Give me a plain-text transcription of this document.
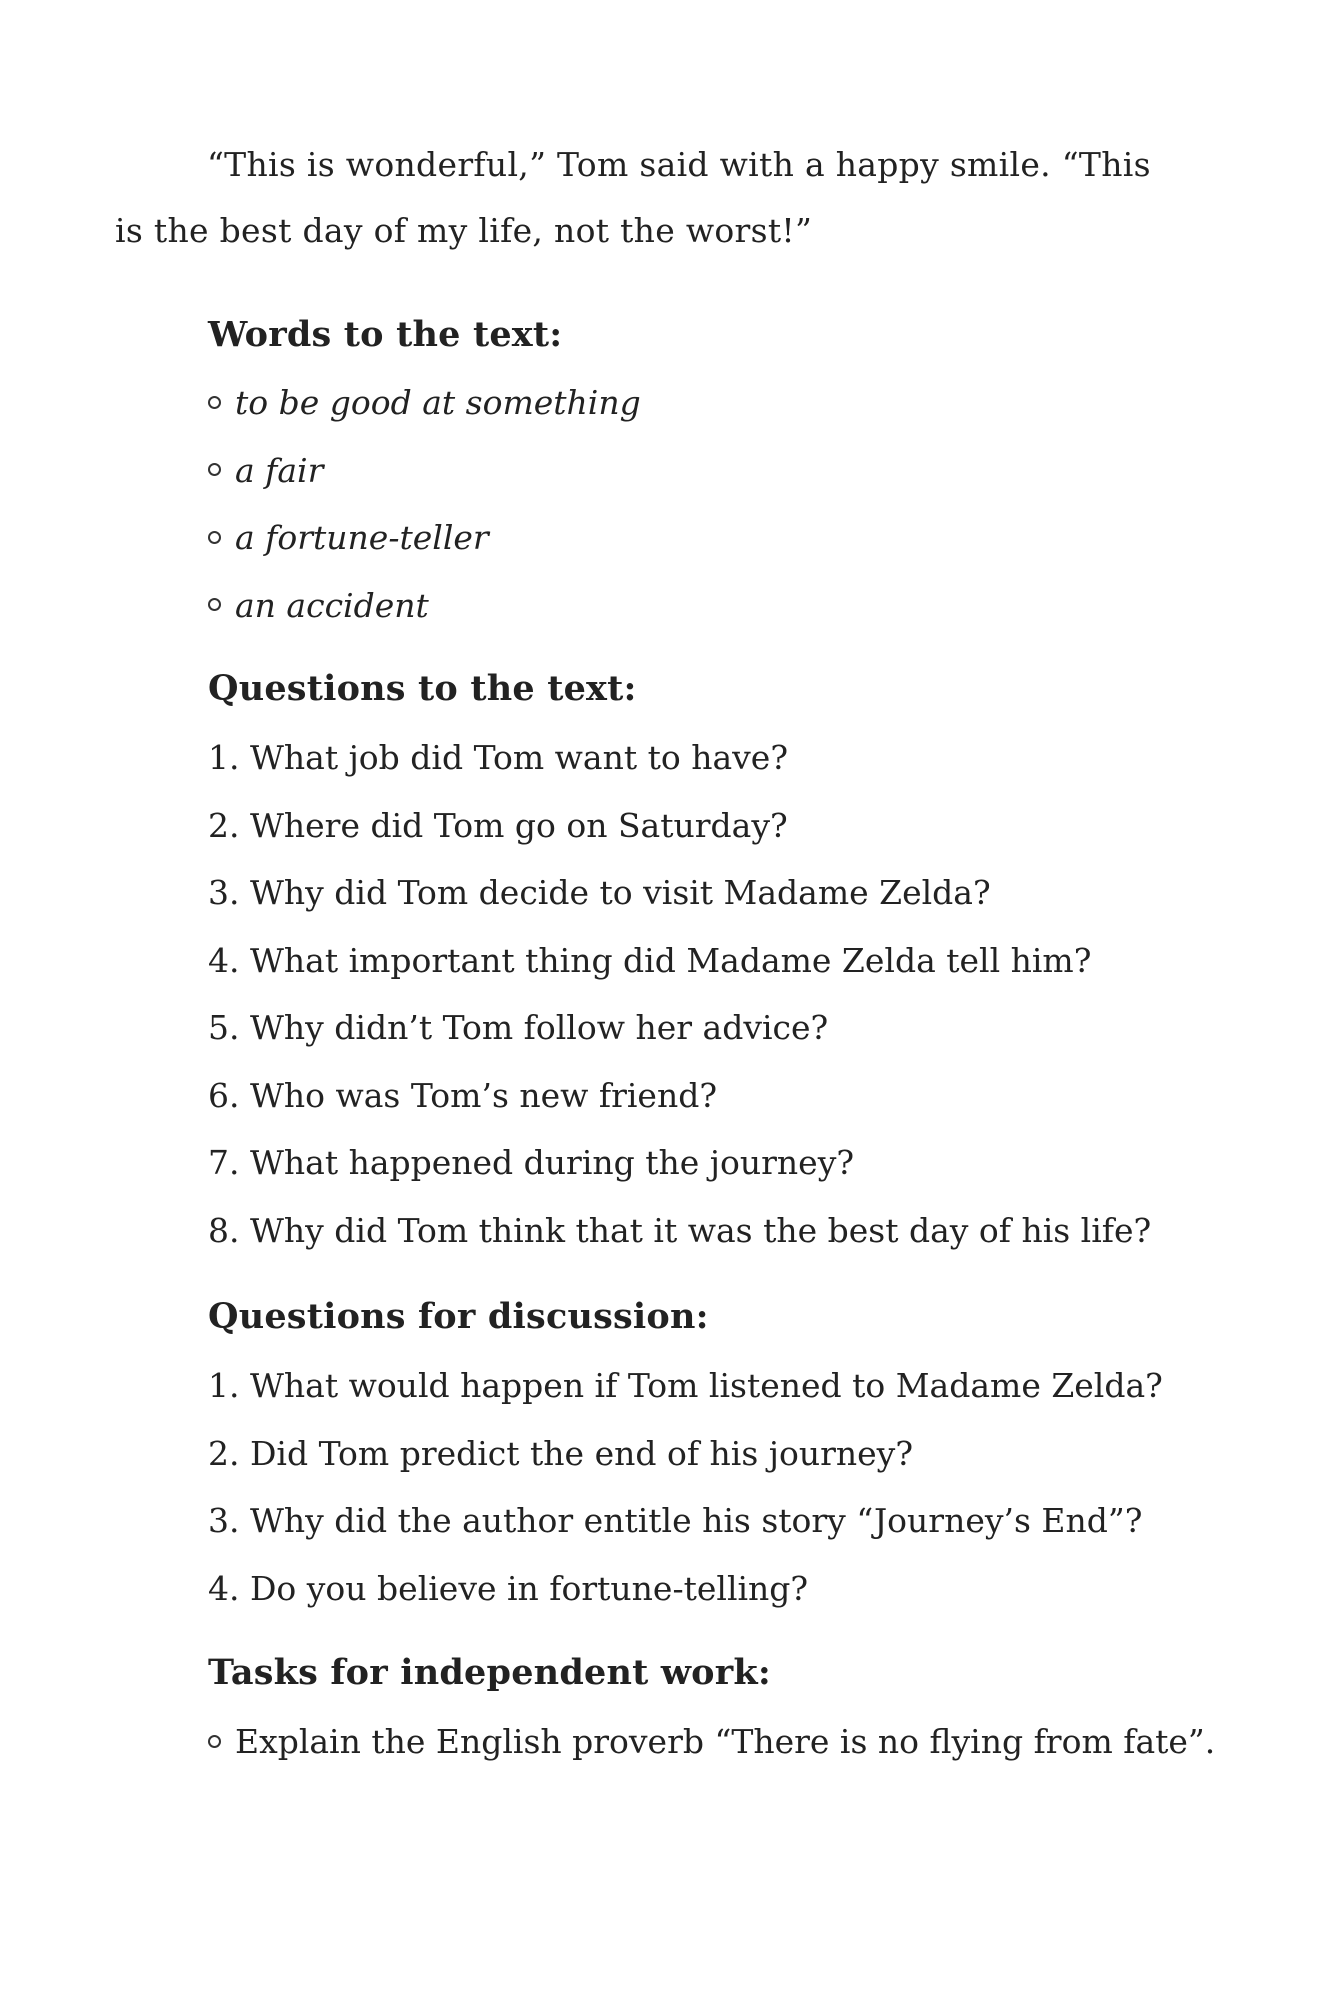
“This is wonderful,” Tom said with a happy smile. “This
is the best day of my life, not the worst!”

Words to the text:
to be good at something
a fair
a fortune-teller
an accident
Questions to the text:
1. What job did Tom want to have?
2. Where did Tom go on Saturday?
3. Why did Tom decide to visit Madame Zelda?
4. What important thing did Madame Zelda tell him?
5. Why didn’t Tom follow her advice?
6. Who was Tom’s new friend?
7. What happened during the journey?
8. Why did Tom think that it was the best day of his life?
Questions for discussion:
1. What would happen if Tom listened to Madame Zelda?
2. Did Tom predict the end of his journey?
3. Why did the author entitle his story “Journey’s End”?
4. Do you believe in fortune-telling?
Tasks for independent work:
Explain the English proverb “There is no flying from fate”.
